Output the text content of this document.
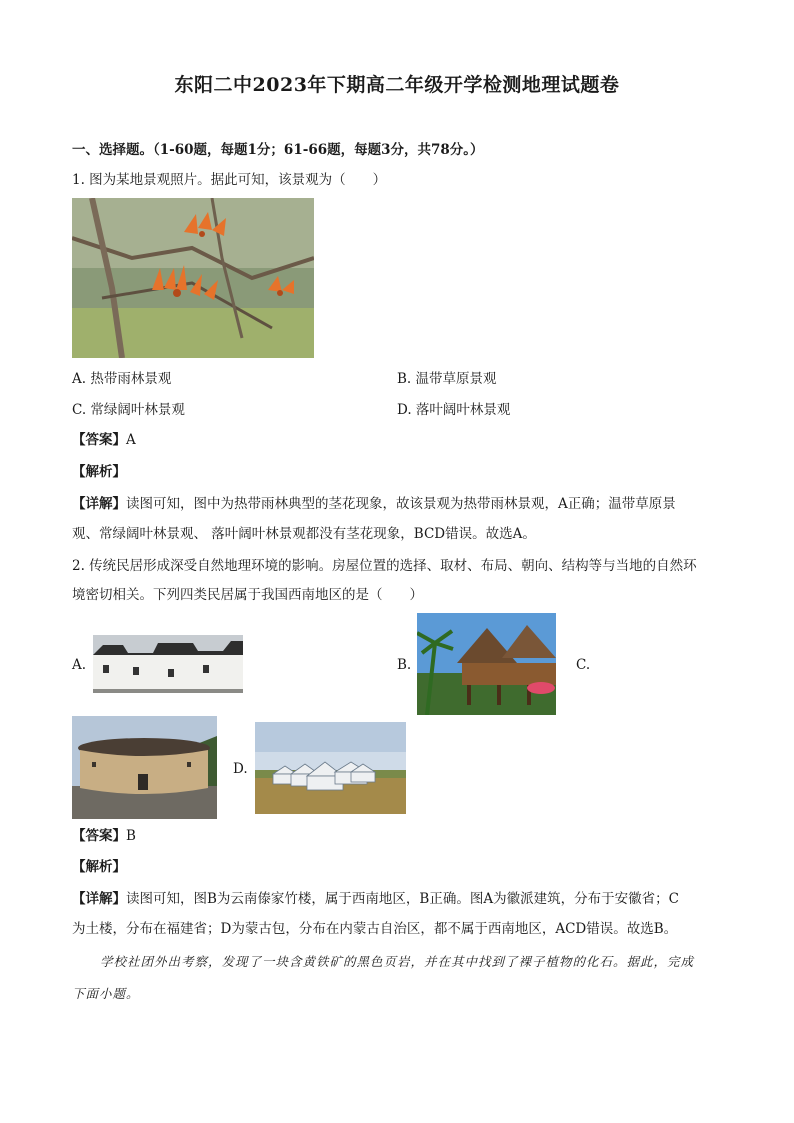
东阳二中2023年下期高二年级开学检测地理试题卷
一、选择题。（1-60题，每题1分；61-66题，每题3分，共78分。）
1. 图为某地景观照片。据此可知，该景观为（　　）
A. 热带雨林景观	B. 温带草原景观
C. 常绿阔叶林景观	D. 落叶阔叶林景观
【答案】A
【解析】
【详解】读图可知，图中为热带雨林典型的茎花现象，故该景观为热带雨林景观，A正确；温带草原景
观、常绿阔叶林景观、 落叶阔叶林景观都没有茎花现象，BCD错误。故选A。
2. 传统民居形成深受自然地理环境的影响。房屋位置的选择、取材、布局、朝向、结构等与当地的自然环
境密切相关。下列四类民居属于我国西南地区的是（　　）
A.	B.	C.
D.
【答案】B
【解析】
【详解】读图可知，图B为云南傣家竹楼，属于西南地区，B正确。图A为徽派建筑，分布于安徽省；C
为土楼，分布在福建省；D为蒙古包，分布在内蒙古自治区，都不属于西南地区，ACD错误。故选B。
学校社团外出考察，发现了一块含黄铁矿的黑色页岩，并在其中找到了裸子植物的化石。据此，完成
下面小题。
